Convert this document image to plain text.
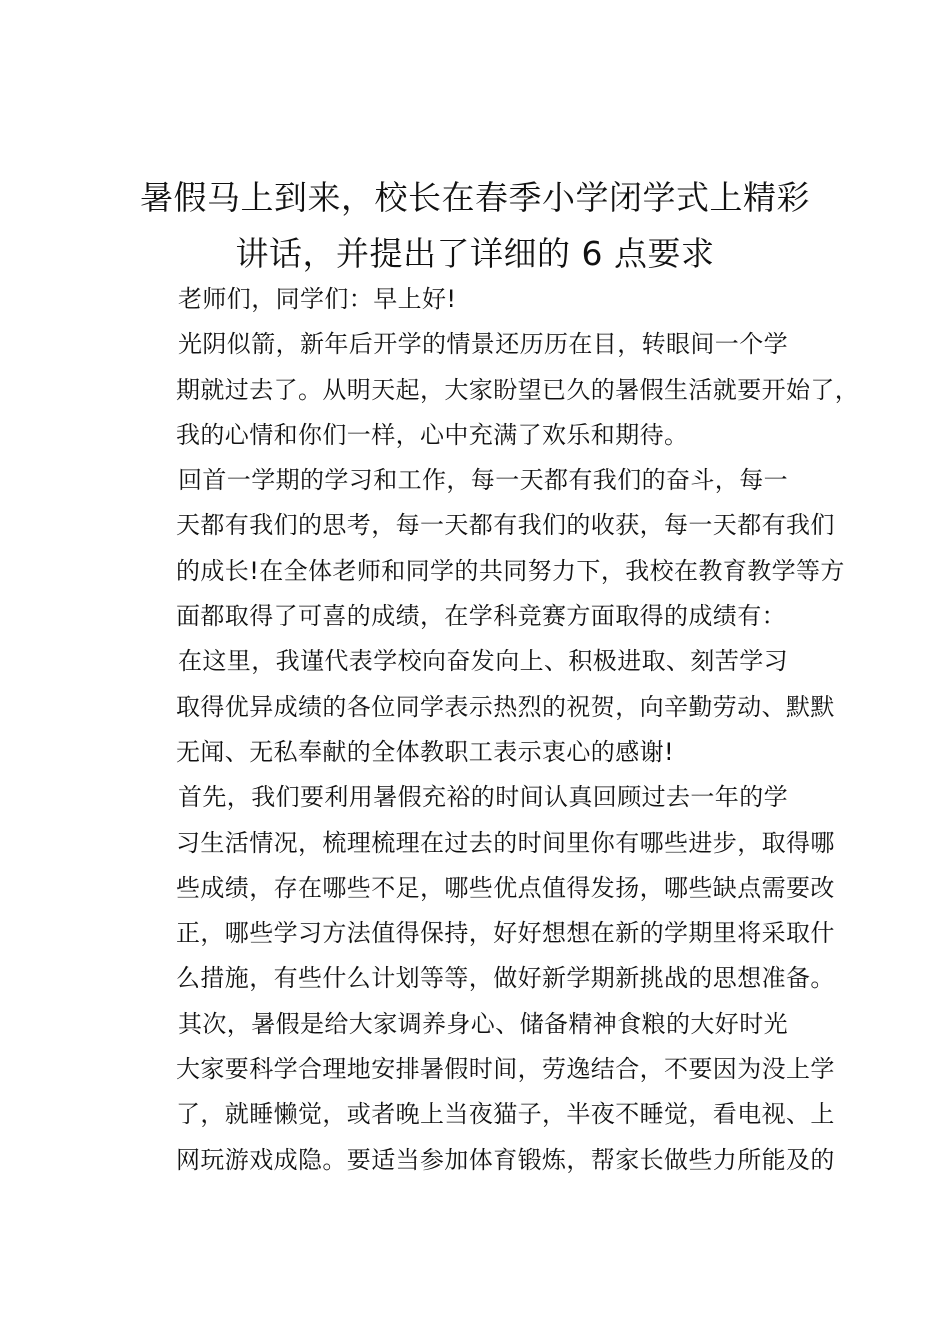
暑假马上到来，校长在春季小学闭学式上精彩
讲话，并提出了详细的 6 点要求

老师们，同学们：早上好!

光阴似箭，新年后开学的情景还历历在目，转眼间一个学
期就过去了。从明天起，大家盼望已久的暑假生活就要开始了，
我的心情和你们一样，心中充满了欢乐和期待。

回首一学期的学习和工作，每一天都有我们的奋斗，每一
天都有我们的思考，每一天都有我们的收获，每一天都有我们
的成长!在全体老师和同学的共同努力下，我校在教育教学等方
面都取得了可喜的成绩，在学科竞赛方面取得的成绩有：

在这里，我谨代表学校向奋发向上、积极进取、刻苦学习
取得优异成绩的各位同学表示热烈的祝贺，向辛勤劳动、默默
无闻、无私奉献的全体教职工表示衷心的感谢!

首先，我们要利用暑假充裕的时间认真回顾过去一年的学
习生活情况，梳理梳理在过去的时间里你有哪些进步，取得哪
些成绩，存在哪些不足，哪些优点值得发扬，哪些缺点需要改
正，哪些学习方法值得保持，好好想想在新的学期里将采取什
么措施，有些什么计划等等，做好新学期新挑战的思想准备。

其次，暑假是给大家调养身心、储备精神食粮的大好时光
大家要科学合理地安排暑假时间，劳逸结合，不要因为没上学
了，就睡懒觉，或者晚上当夜猫子，半夜不睡觉，看电视、上
网玩游戏成隐。要适当参加体育锻炼，帮家长做些力所能及的
